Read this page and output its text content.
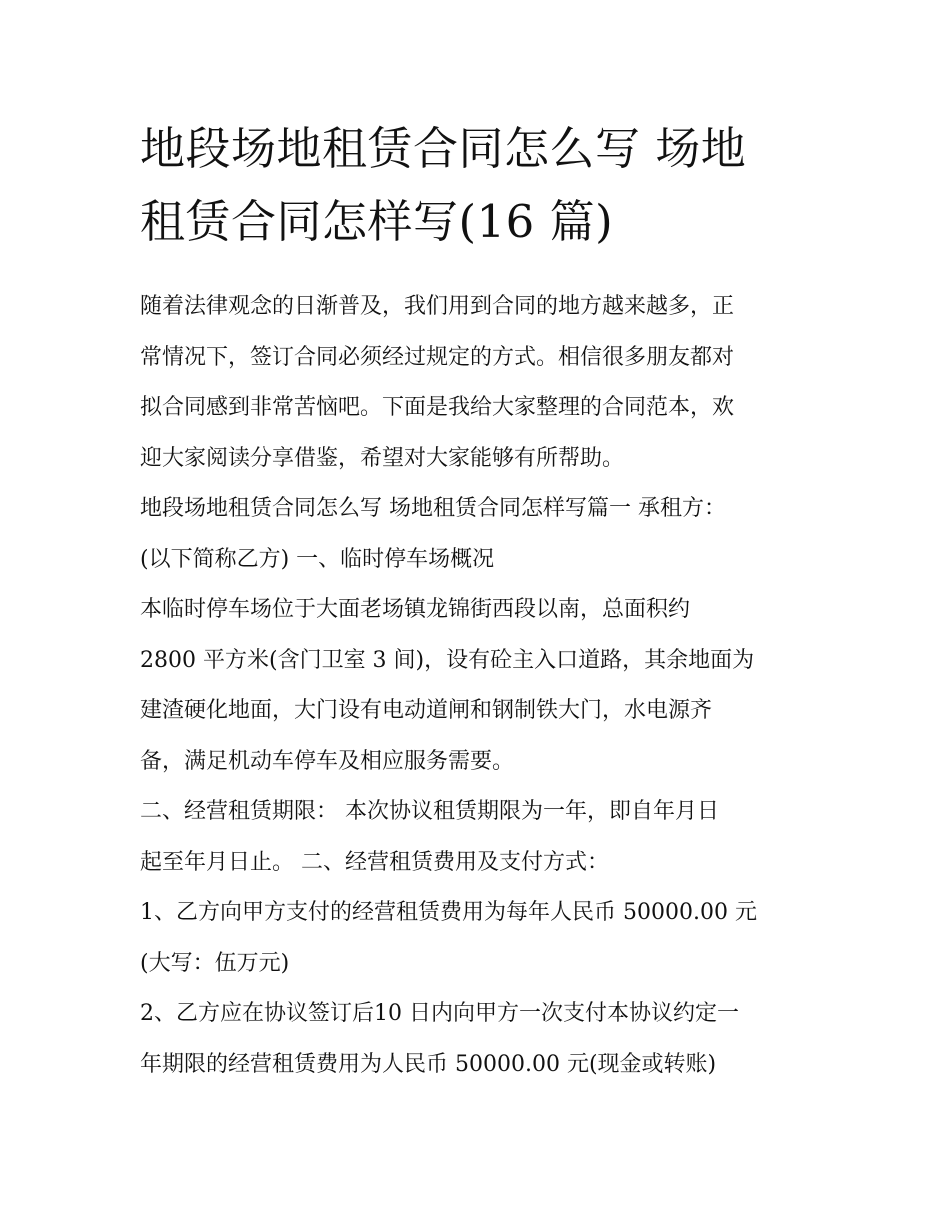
地段场地租赁合同怎么写 场地
租赁合同怎样写(16 篇)

随着法律观念的日渐普及，我们用到合同的地方越来越多，正
常情况下，签订合同必须经过规定的方式。相信很多朋友都对
拟合同感到非常苦恼吧。下面是我给大家整理的合同范本，欢
迎大家阅读分享借鉴，希望对大家能够有所帮助。

地段场地租赁合同怎么写 场地租赁合同怎样写篇一 承租方：
(以下简称乙方) 一、临时停车场概况

本临时停车场位于大面老场镇龙锦街西段以南，总面积约
2800 平方米(含门卫室 3 间)，设有砼主入口道路，其余地面为
建渣硬化地面，大门设有电动道闸和钢制铁大门，水电源齐
备，满足机动车停车及相应服务需要。

二、经营租赁期限： 本次协议租赁期限为一年，即自年月日
起至年月日止。 二、经营租赁费用及支付方式：

1、乙方向甲方支付的经营租赁费用为每年人民币 50000.00 元
(大写：伍万元)

2、乙方应在协议签订后10 日内向甲方一次支付本协议约定一
年期限的经营租赁费用为人民币 50000.00 元(现金或转账)
